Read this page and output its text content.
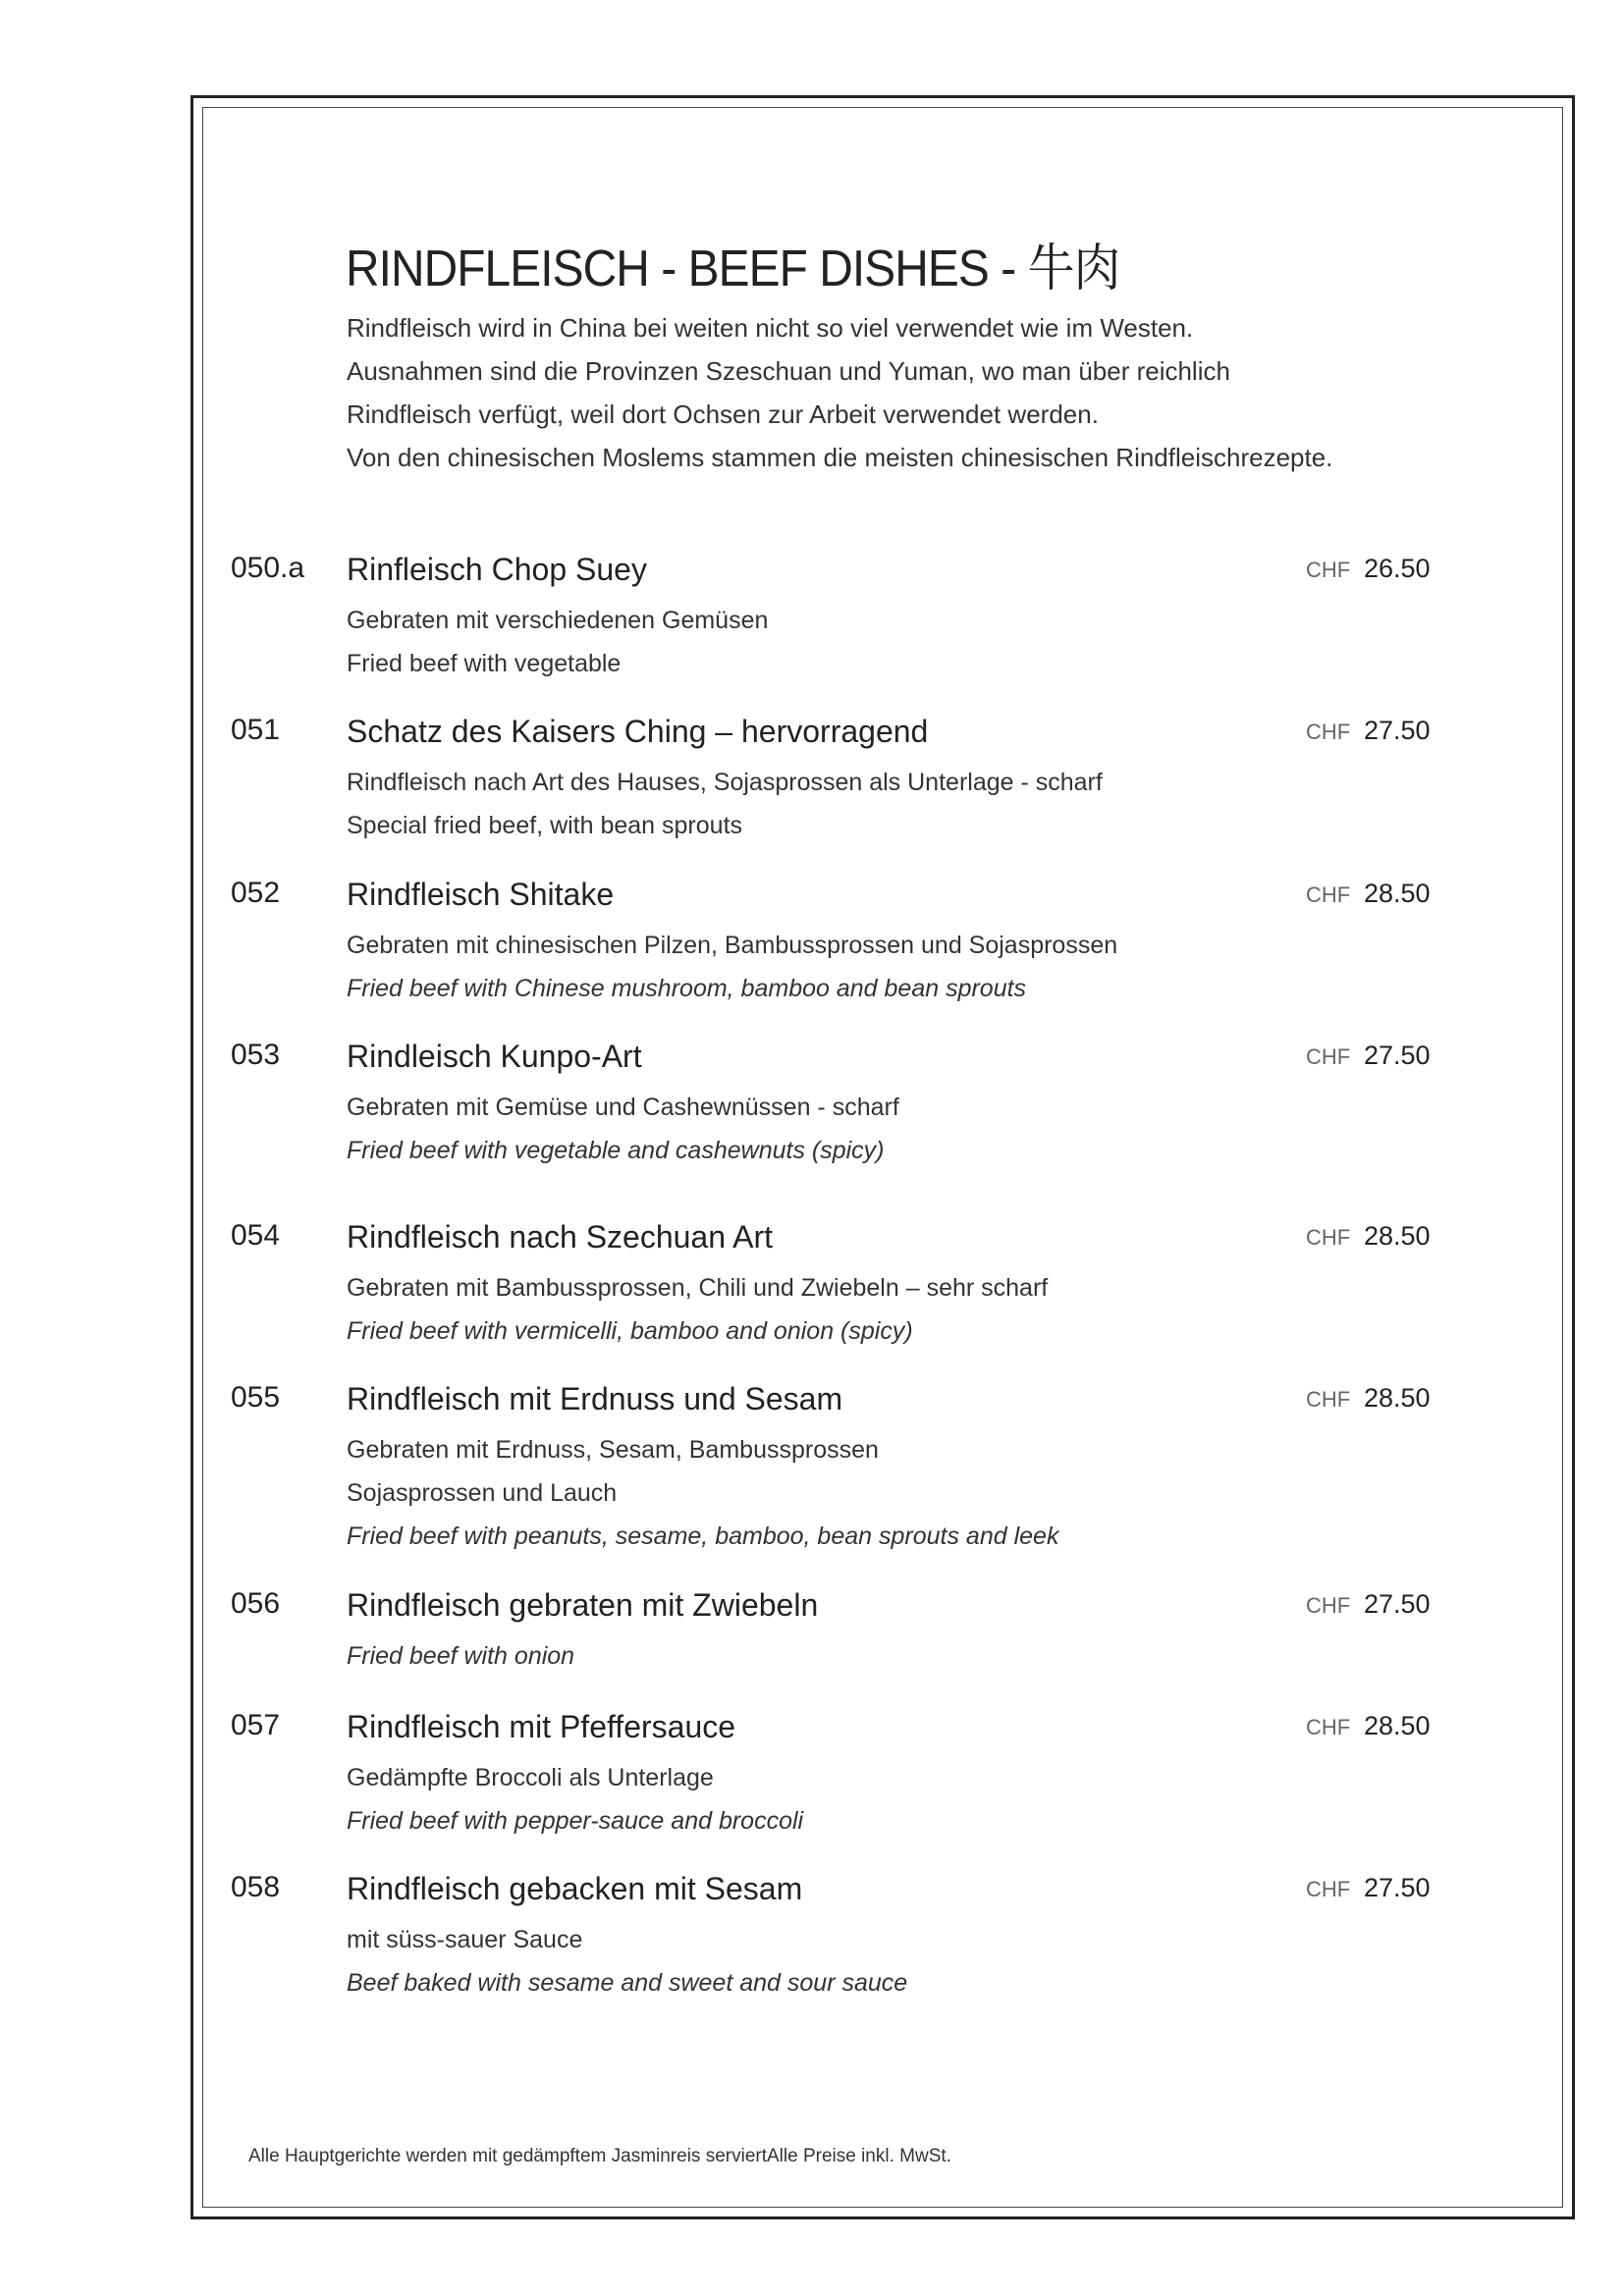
RINDFLEISCH - BEEF DISHES - 牛肉
Rindfleisch wird in China bei weiten nicht so viel verwendet wie im Westen.
Ausnahmen sind die Provinzen Szeschuan und Yuman, wo man über reichlich
Rindfleisch verfügt, weil dort Ochsen zur Arbeit verwendet werden.
Von den chinesischen Moslems stammen die meisten chinesischen Rindfleischrezepte.
050.a Rinfleisch Chop Suey	CHF 26.50
Gebraten mit verschiedenen Gemüsen
Fried beef with vegetable
051 Schatz des Kaisers Ching – hervorragend	CHF 27.50
Rindfleisch nach Art des Hauses, Sojasprossen als Unterlage - scharf
Special fried beef, with bean sprouts
052 Rindfleisch Shitake	CHF 28.50
Gebraten mit chinesischen Pilzen, Bambussprossen und Sojasprossen
Fried beef with Chinese mushroom, bamboo and bean sprouts
053 Rindleisch Kunpo-Art	CHF 27.50
Gebraten mit Gemüse und Cashewnüssen - scharf
Fried beef with vegetable and cashewnuts (spicy)
054 Rindfleisch nach Szechuan Art	CHF 28.50
Gebraten mit Bambussprossen, Chili und Zwiebeln – sehr scharf
Fried beef with vermicelli, bamboo and onion (spicy)
055 Rindfleisch mit Erdnuss und Sesam	CHF 28.50
Gebraten mit Erdnuss, Sesam, Bambussprossen
Sojasprossen und Lauch
Fried beef with peanuts, sesame, bamboo, bean sprouts and leek
056 Rindfleisch gebraten mit Zwiebeln	CHF 27.50
Fried beef with onion
057 Rindfleisch mit Pfeffersauce	CHF 28.50
Gedämpfte Broccoli als Unterlage
Fried beef with pepper-sauce and broccoli
058 Rindfleisch gebacken mit Sesam	CHF 27.50
mit süss-sauer Sauce
Beef baked with sesame and sweet and sour sauce
Alle Hauptgerichte werden mit gedämpftem Jasminreis serviertAlle Preise inkl. MwSt.
